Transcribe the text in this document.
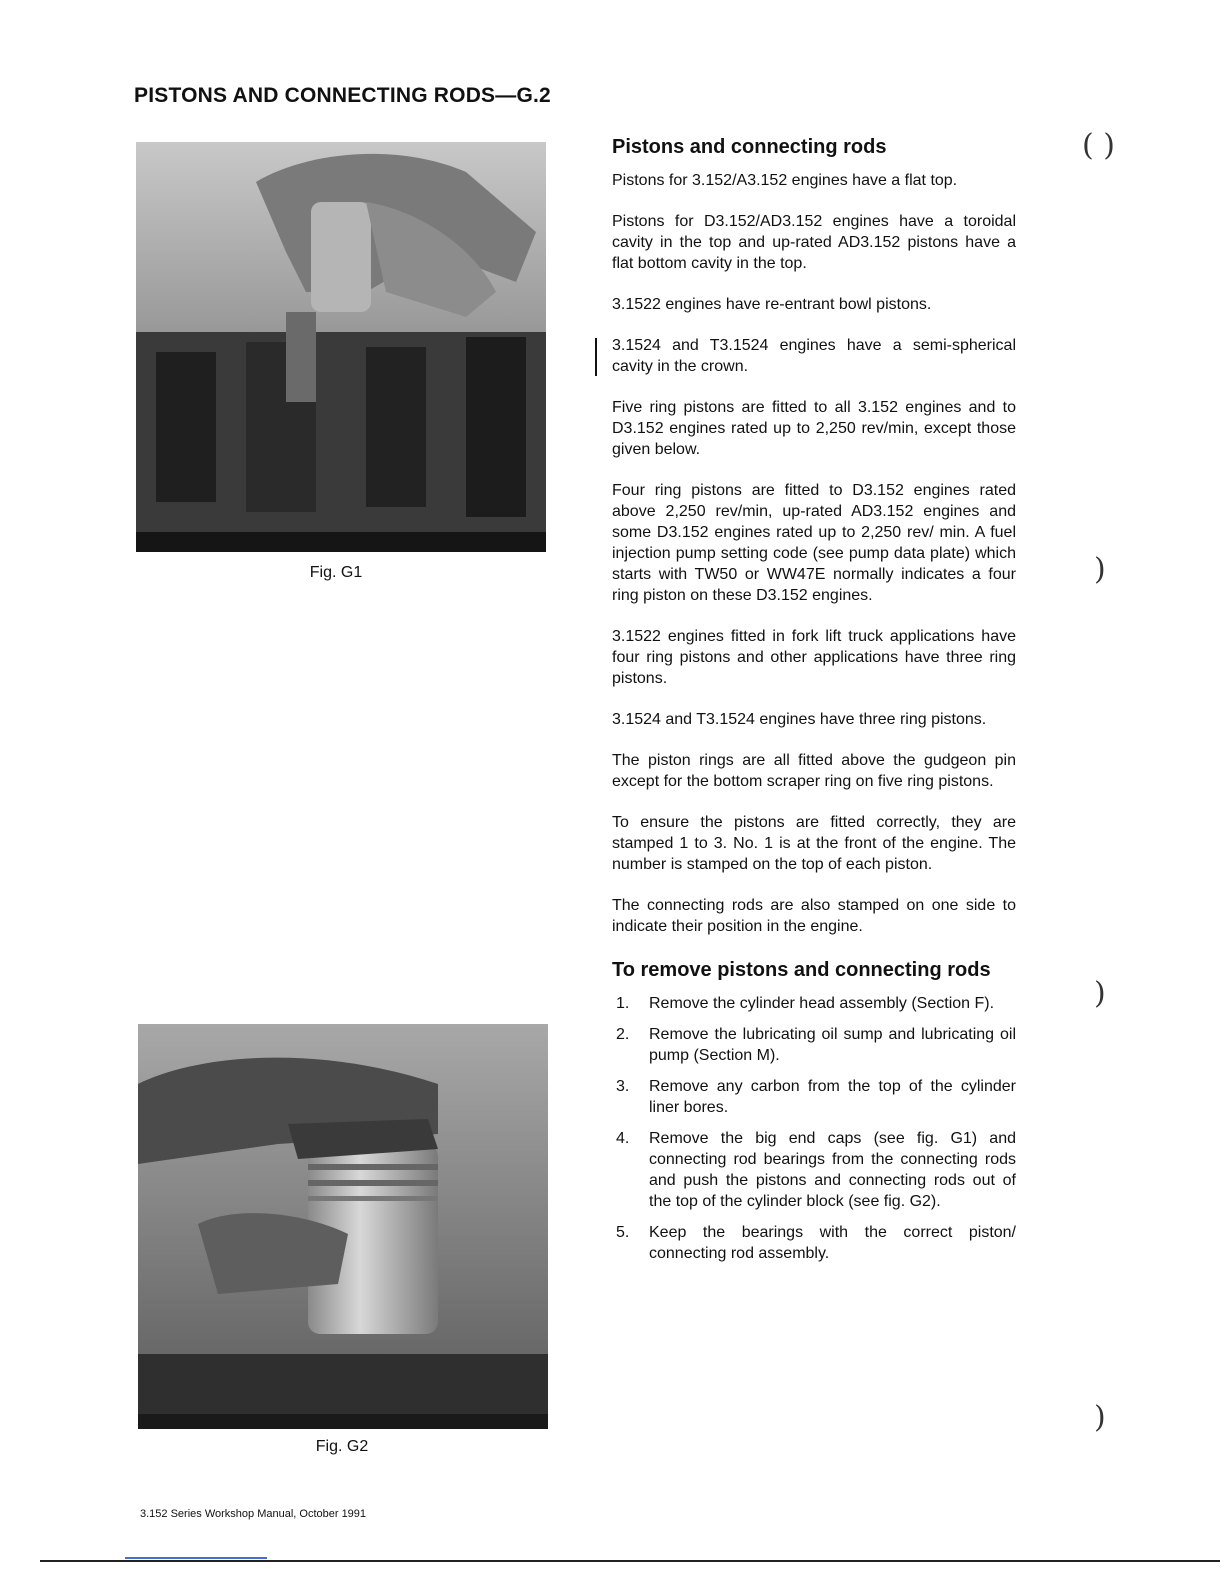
PISTONS AND CONNECTING RODS—G.2
Fig. G1
Fig. G2
Pistons and connecting rods

Pistons for 3.152/A3.152 engines have a flat top.

Pistons for D3.152/AD3.152 engines have a toroidal cavity in the top and up-rated AD3.152 pistons have a flat bottom cavity in the top.

3.1522 engines have re-entrant bowl pistons.

3.1524 and T3.1524 engines have a semi-spherical cavity in the crown.

Five ring pistons are fitted to all 3.152 engines and to D3.152 engines rated up to 2,250 rev/min, except those given below.

Four ring pistons are fitted to D3.152 engines rated above 2,250 rev/min, up-rated AD3.152 engines and some D3.152 engines rated up to 2,250 rev/ min. A fuel injection pump setting code (see pump data plate) which starts with TW50 or WW47E normally indicates a four ring piston on these D3.152 engines.

3.1522 engines fitted in fork lift truck applications have four ring pistons and other applications have three ring pistons.

3.1524 and T3.1524 engines have three ring pistons.

The piston rings are all fitted above the gudgeon pin except for the bottom scraper ring on five ring pistons.

To ensure the pistons are fitted correctly, they are stamped 1 to 3. No. 1 is at the front of the engine. The number is stamped on the top of each piston.

The connecting rods are also stamped on one side to indicate their position in the engine.

To remove pistons and connecting rods
1. Remove the cylinder head assembly (Section F).
2. Remove the lubricating oil sump and lubricating oil pump (Section M).
3. Remove any carbon from the top of the cylinder liner bores.
4. Remove the big end caps (see fig. G1) and connecting rod bearings from the connecting rods and push the pistons and connecting rods out of the top of the cylinder block (see fig. G2).
5. Keep the bearings with the correct piston/ connecting rod assembly.
( )
)
)
)
3.152 Series Workshop Manual, October 1991
